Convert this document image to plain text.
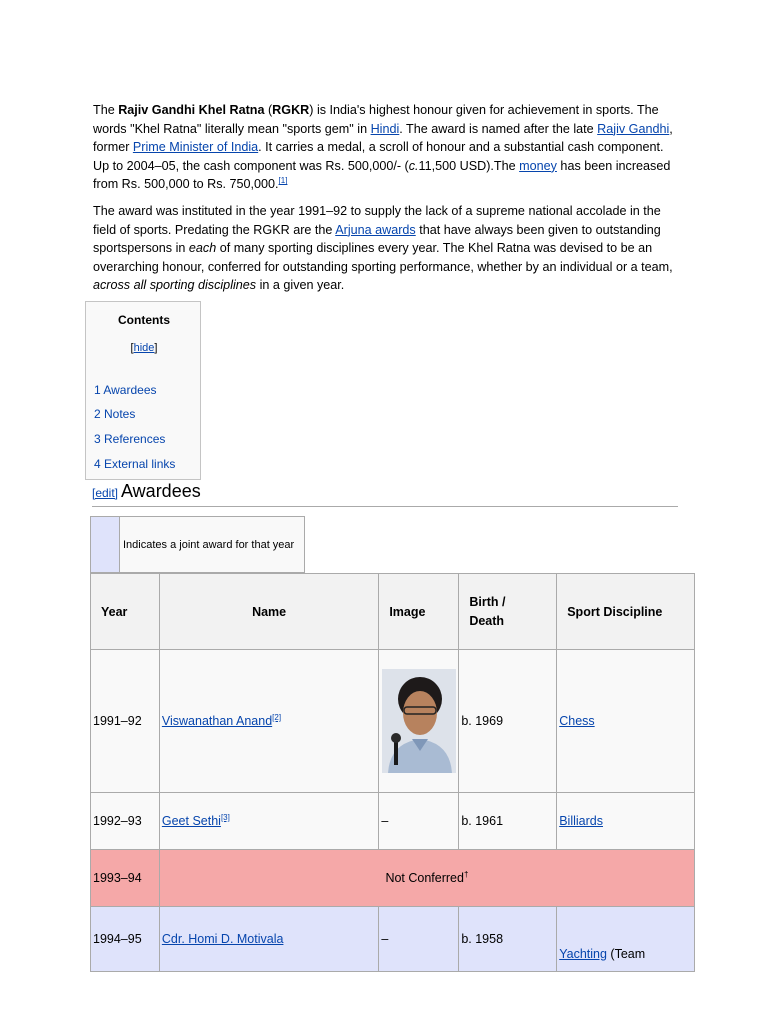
The Rajiv Gandhi Khel Ratna (RGKR) is India's highest honour given for achievement in sports. The words "Khel Ratna" literally mean "sports gem" in Hindi. The award is named after the late Rajiv Gandhi, former Prime Minister of India. It carries a medal, a scroll of honour and a substantial cash component. Up to 2004–05, the cash component was Rs. 500,000/- (c.11,500 USD).The money has been increased from Rs. 500,000 to Rs. 750,000.[1]

The award was instituted in the year 1991–92 to supply the lack of a supreme national accolade in the field of sports. Predating the RGKR are the Arjuna awards that have always been given to outstanding sportspersons in each of many sporting disciplines every year. The Khel Ratna was devised to be an overarching honour, conferred for outstanding sporting performance, whether by an individual or a team, across all sporting disciplines in a given year.

Contents
[hide]
1 Awardees
2 Notes
3 References
4 External links
[edit] Awardees
Indicates a joint award for that year
Year	Name	Image	Birth / Death	Sport Discipline
1991–92	Viswanathan Anand[2]		b. 1969	Chess
1992–93	Geet Sethi[3]	–	b. 1961	Billiards
1993–94	Not Conferred†
1994–95	Cdr. Homi D. Motivala	–	b. 1958	Yachting (Team
